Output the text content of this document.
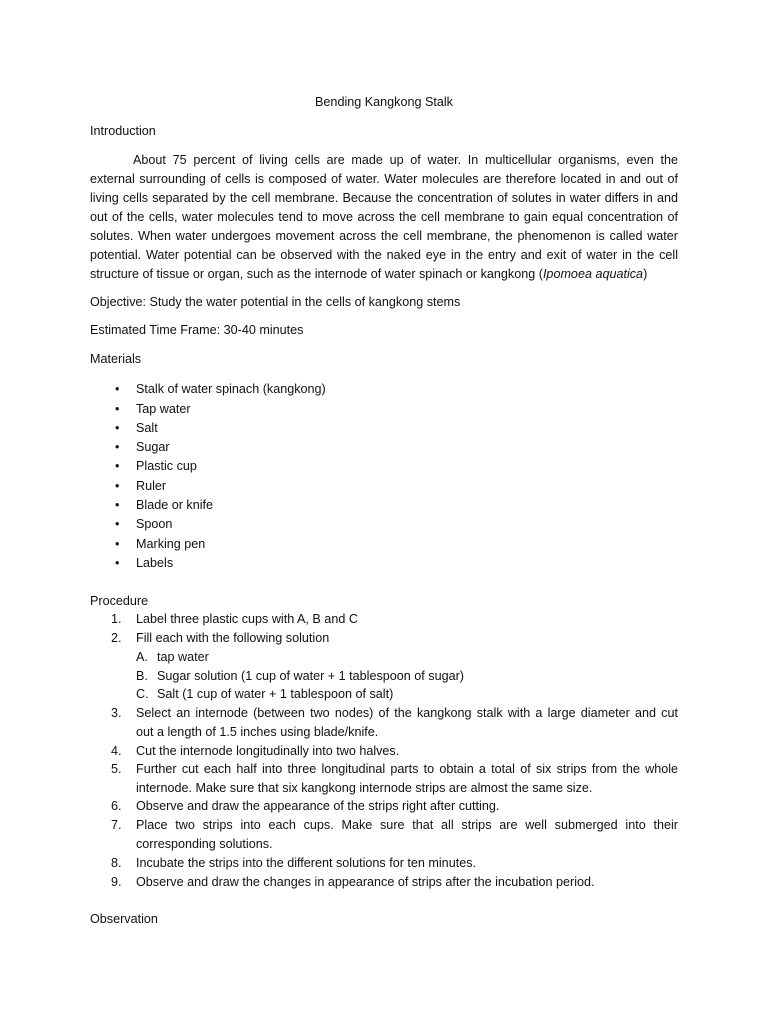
Bending Kangkong Stalk
Introduction
About 75 percent of living cells are made up of water. In multicellular organisms, even the
external surrounding of cells is composed of water. Water molecules are therefore located in and out of
living cells separated by the cell membrane. Because the concentration of solutes in water differs in and
out of the cells, water molecules tend to move across the cell membrane to gain equal concentration of
solutes. When water undergoes movement across the cell membrane, the phenomenon is called water
potential. Water potential can be observed with the naked eye in the entry and exit of water in the cell
structure of tissue or organ, such as the internode of water spinach or kangkong (Ipomoea aquatica)
Objective: Study the water potential in the cells of kangkong stems
Estimated Time Frame: 30-40 minutes
Materials
• Stalk of water spinach (kangkong)
• Tap water
• Salt
• Sugar
• Plastic cup
• Ruler
• Blade or knife
• Spoon
• Marking pen
• Labels
Procedure
1. Label three plastic cups with A, B and C
2. Fill each with the following solution
A. tap water
B. Sugar solution (1 cup of water + 1 tablespoon of sugar)
C. Salt (1 cup of water + 1 tablespoon of salt)
3. Select an internode (between two nodes) of the kangkong stalk with a large diameter and cut
out a length of 1.5 inches using blade/knife.
4. Cut the internode longitudinally into two halves.
5. Further cut each half into three longitudinal parts to obtain a total of six strips from the whole
internode. Make sure that six kangkong internode strips are almost the same size.
6. Observe and draw the appearance of the strips right after cutting.
7. Place two strips into each cups. Make sure that all strips are well submerged into their
corresponding solutions.
8. Incubate the strips into the different solutions for ten minutes.
9. Observe and draw the changes in appearance of strips after the incubation period.
Observation
